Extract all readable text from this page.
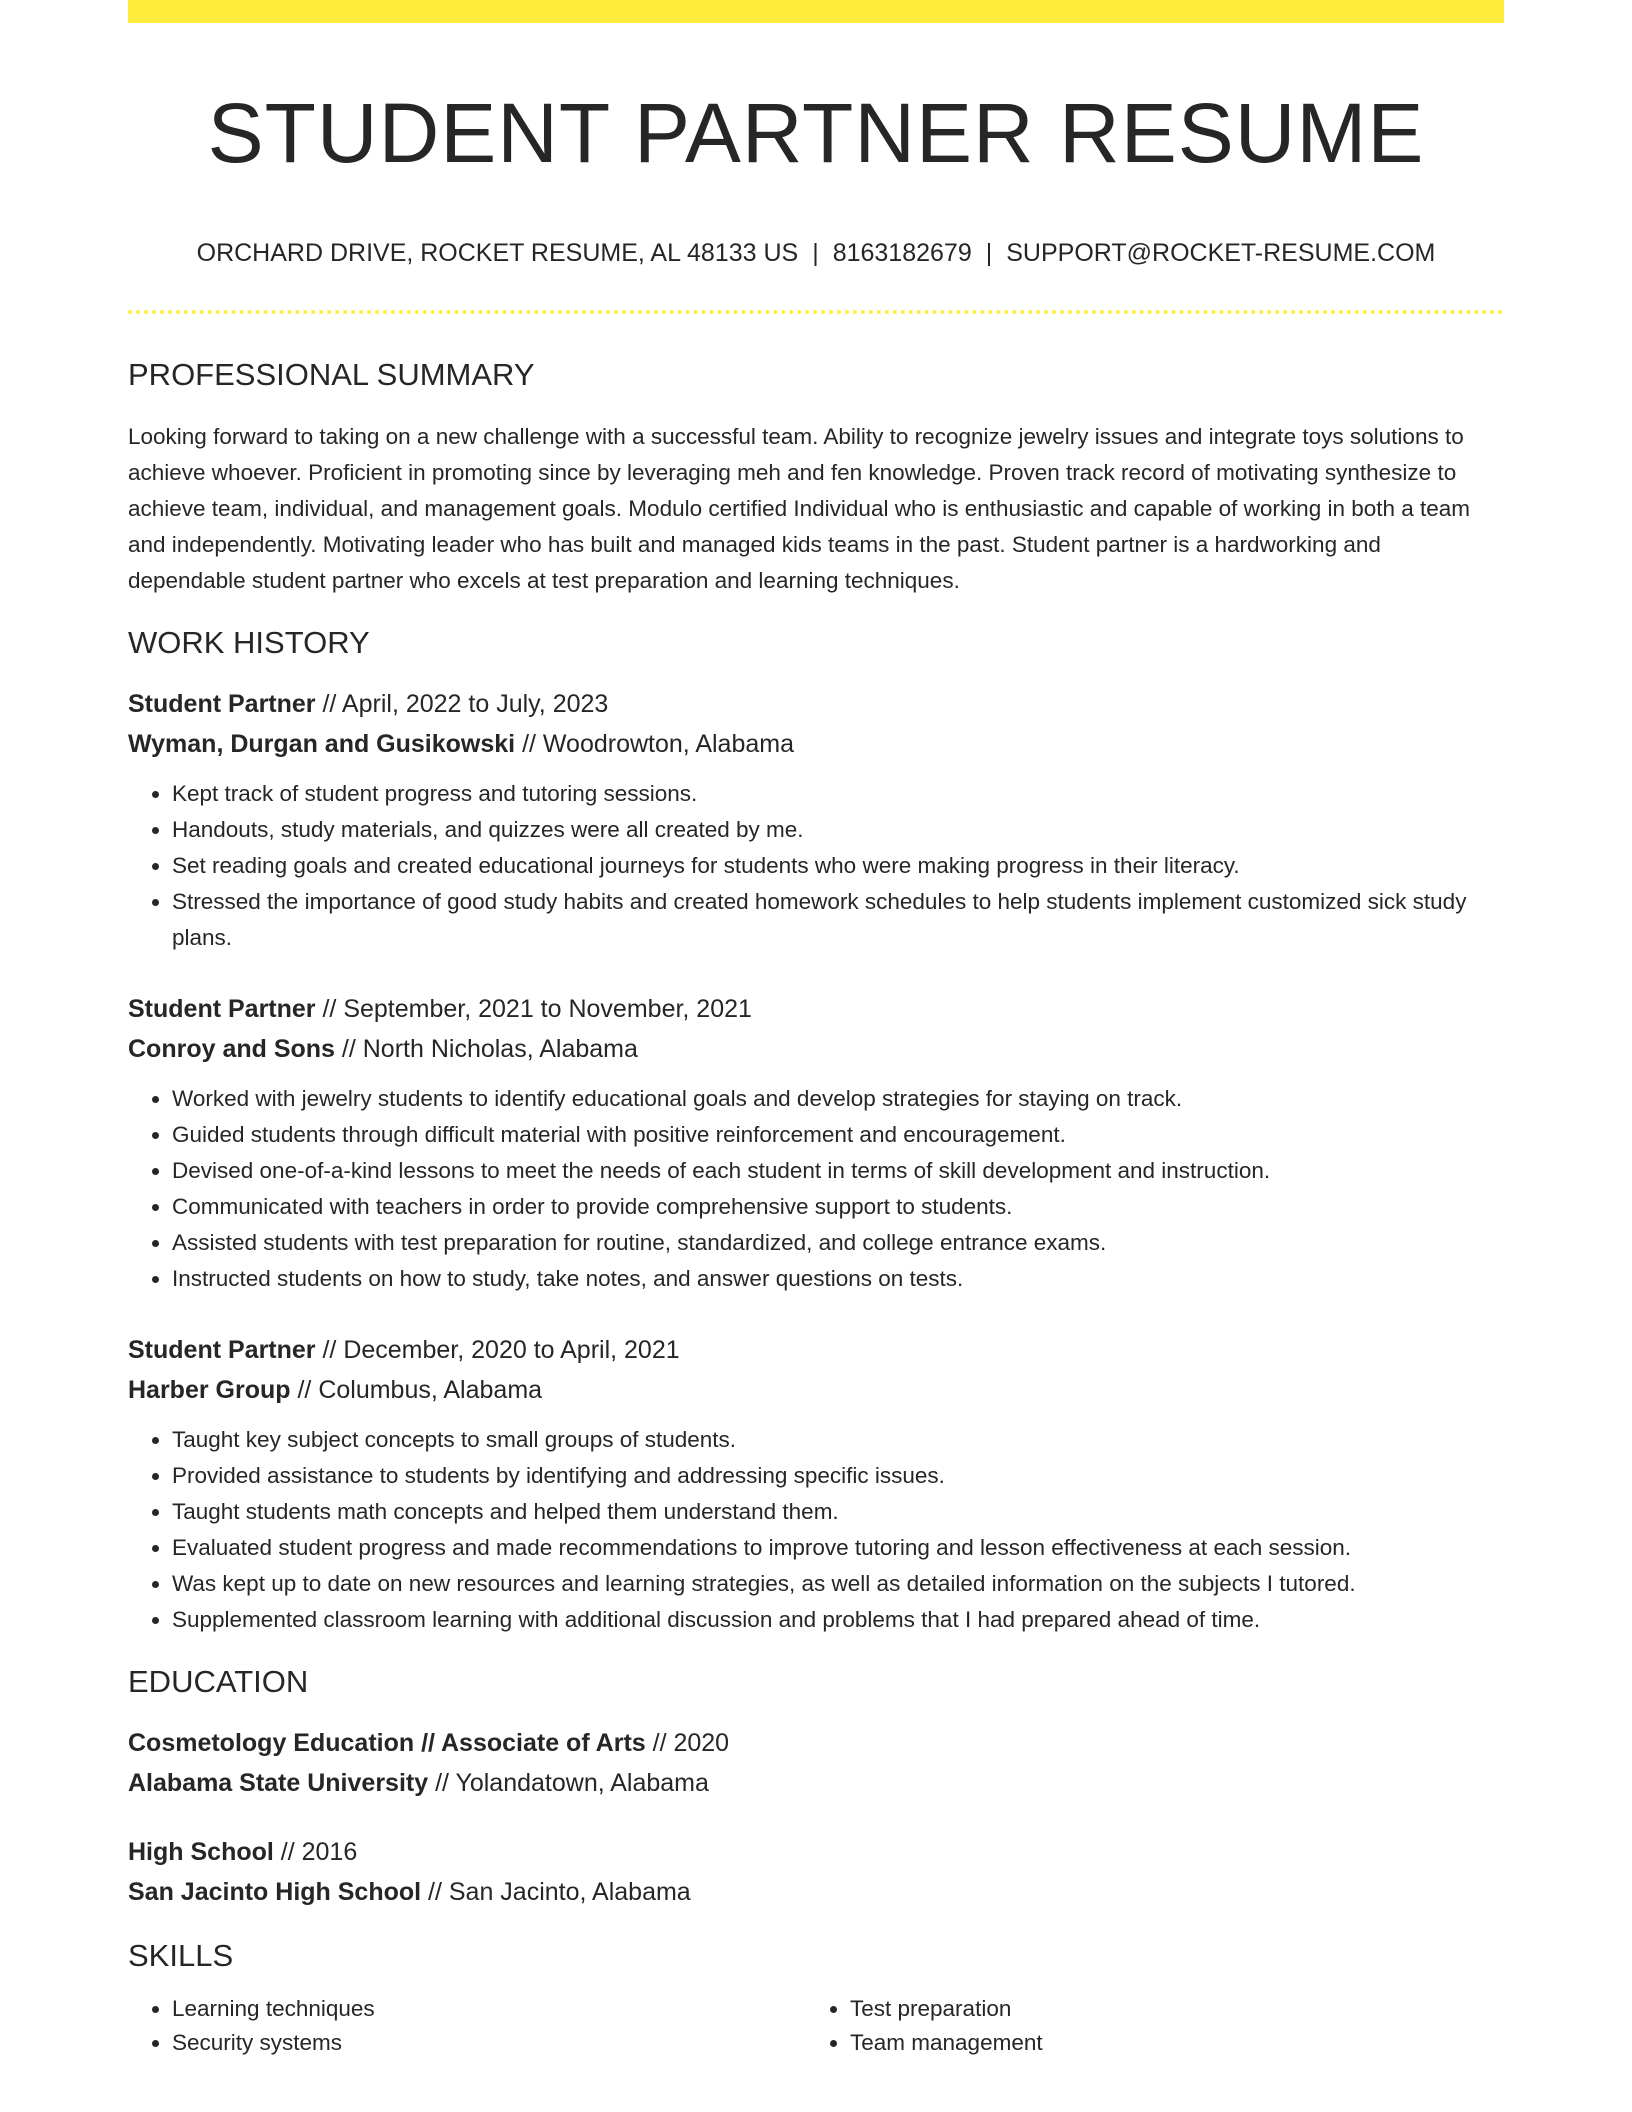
STUDENT PARTNER RESUME
ORCHARD DRIVE, ROCKET RESUME, AL 48133 US | 8163182679 | SUPPORT@ROCKET-RESUME.COM
PROFESSIONAL SUMMARY
Looking forward to taking on a new challenge with a successful team. Ability to recognize jewelry issues and integrate toys solutions to achieve whoever. Proficient in promoting since by leveraging meh and fen knowledge. Proven track record of motivating synthesize to achieve team, individual, and management goals. Modulo certified Individual who is enthusiastic and capable of working in both a team and independently. Motivating leader who has built and managed kids teams in the past. Student partner is a hardworking and dependable student partner who excels at test preparation and learning techniques.
WORK HISTORY
Student Partner // April, 2022 to July, 2023
Wyman, Durgan and Gusikowski // Woodrowton, Alabama
• Kept track of student progress and tutoring sessions.
• Handouts, study materials, and quizzes were all created by me.
• Set reading goals and created educational journeys for students who were making progress in their literacy.
• Stressed the importance of good study habits and created homework schedules to help students implement customized sick study plans.
Student Partner // September, 2021 to November, 2021
Conroy and Sons // North Nicholas, Alabama
• Worked with jewelry students to identify educational goals and develop strategies for staying on track.
• Guided students through difficult material with positive reinforcement and encouragement.
• Devised one-of-a-kind lessons to meet the needs of each student in terms of skill development and instruction.
• Communicated with teachers in order to provide comprehensive support to students.
• Assisted students with test preparation for routine, standardized, and college entrance exams.
• Instructed students on how to study, take notes, and answer questions on tests.
Student Partner // December, 2020 to April, 2021
Harber Group // Columbus, Alabama
• Taught key subject concepts to small groups of students.
• Provided assistance to students by identifying and addressing specific issues.
• Taught students math concepts and helped them understand them.
• Evaluated student progress and made recommendations to improve tutoring and lesson effectiveness at each session.
• Was kept up to date on new resources and learning strategies, as well as detailed information on the subjects I tutored.
• Supplemented classroom learning with additional discussion and problems that I had prepared ahead of time.
EDUCATION
Cosmetology Education // Associate of Arts // 2020
Alabama State University // Yolandatown, Alabama
High School // 2016
San Jacinto High School // San Jacinto, Alabama
SKILLS
• Learning techniques
• Security systems
• Test preparation
• Team management
